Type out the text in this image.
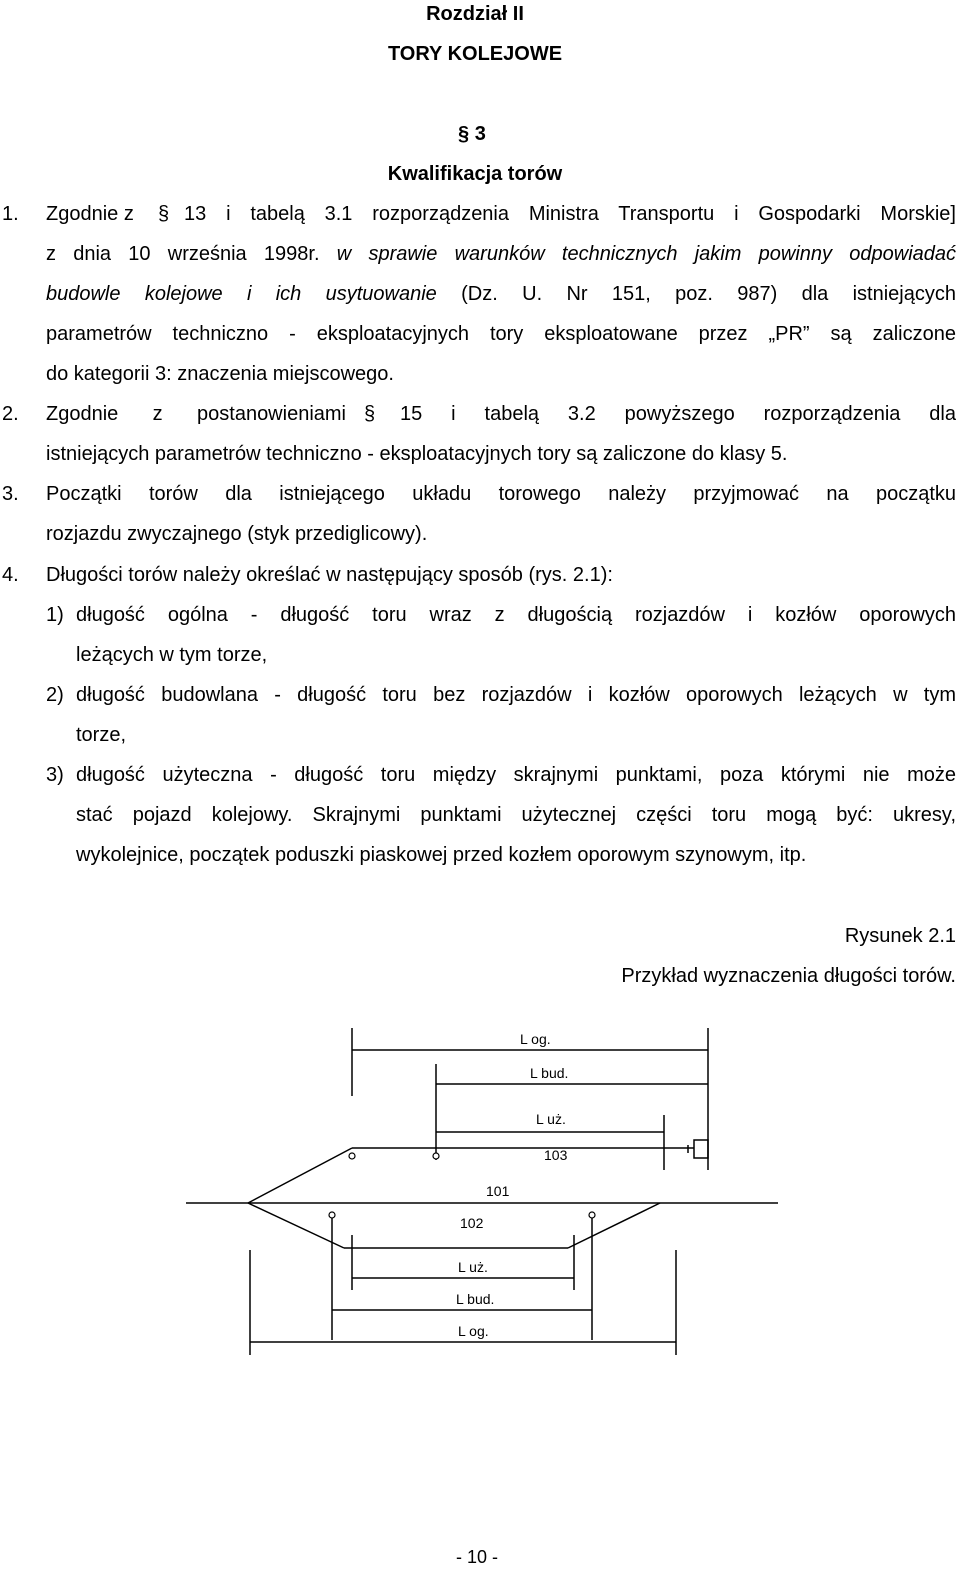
Rozdział II
TORY KOLEJOWE
§ 3
Kwalifikacja torów
1. Zgodnie z § 13 i tabelą 3.1 rozporządzenia Ministra Transportu i Gospodarki Morskie]
z dnia 10 września 1998r. w sprawie warunków technicznych jakim powinny odpowiadać
budowle kolejowe i ich usytuowanie (Dz. U. Nr 151, poz. 987) dla istniejących
parametrów techniczno - eksploatacyjnych tory eksploatowane przez „PR” są zaliczone
do kategorii 3: znaczenia miejscowego.
2. Zgodnie z postanowieniami § 15 i tabelą 3.2 powyższego rozporządzenia dla
istniejących parametrów techniczno - eksploatacyjnych tory są zaliczone do klasy 5.
3. Początki torów dla istniejącego układu torowego należy przyjmować na początku
rozjazdu zwyczajnego (styk przediglicowy).
4. Długości torów należy określać w następujący sposób (rys. 2.1):
1) długość ogólna - długość toru wraz z długością rozjazdów i kozłów oporowych
leżących w tym torze,
2) długość budowlana - długość toru bez rozjazdów i kozłów oporowych leżących w tym
torze,
3) długość użyteczna - długość toru między skrajnymi punktami, poza którymi nie może
stać pojazd kolejowy. Skrajnymi punktami użytecznej części toru mogą być: ukresy,
wykolejnice, początek poduszki piaskowej przed kozłem oporowym szynowym, itp.
Rysunek 2.1
Przykład wyznaczenia długości torów.
L og.
L bud.
L uż.
103
101
102
L uż.
L bud.
L og.
- 10 -
